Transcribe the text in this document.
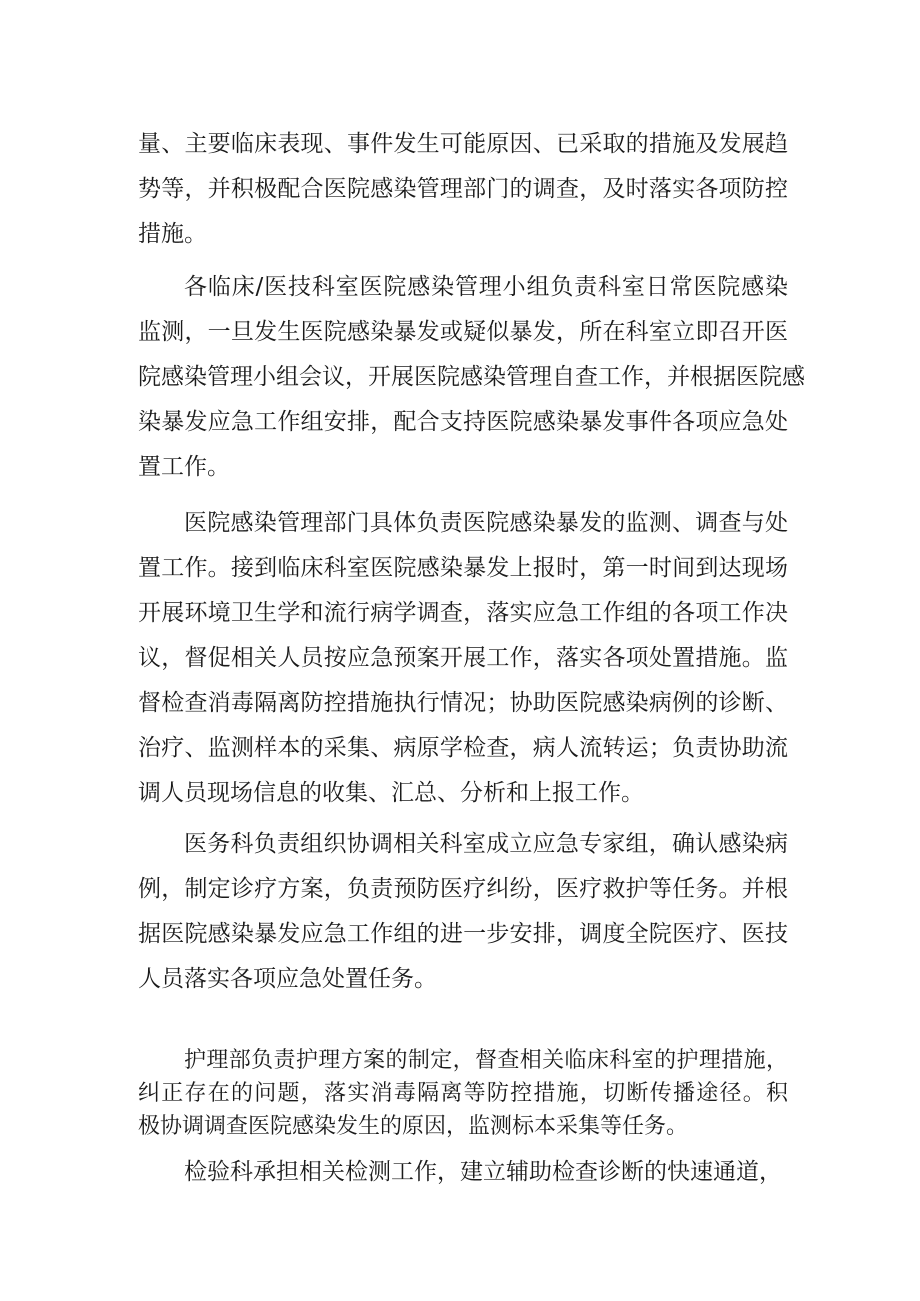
量、主要临床表现、事件发生可能原因、已采取的措施及发展趋
势等，并积极配合医院感染管理部门的调查，及时落实各项防控
措施。
各临床/医技科室医院感染管理小组负责科室日常医院感染
监测，一旦发生医院感染暴发或疑似暴发，所在科室立即召开医
院感染管理小组会议，开展医院感染管理自查工作，并根据医院感
染暴发应急工作组安排，配合支持医院感染暴发事件各项应急处
置工作。
医院感染管理部门具体负责医院感染暴发的监测、调查与处
置工作。接到临床科室医院感染暴发上报时，第一时间到达现场
开展环境卫生学和流行病学调查，落实应急工作组的各项工作决
议，督促相关人员按应急预案开展工作，落实各项处置措施。监
督检查消毒隔离防控措施执行情况；协助医院感染病例的诊断、
治疗、监测样本的采集、病原学检查，病人流转运；负责协助流
调人员现场信息的收集、汇总、分析和上报工作。
医务科负责组织协调相关科室成立应急专家组，确认感染病
例，制定诊疗方案，负责预防医疗纠纷，医疗救护等任务。并根
据医院感染暴发应急工作组的进一步安排，调度全院医疗、医技
人员落实各项应急处置任务。
护理部负责护理方案的制定，督查相关临床科室的护理措施，
纠正存在的问题，落实消毒隔离等防控措施，切断传播途径。积
极协调调查医院感染发生的原因，监测标本采集等任务。
检验科承担相关检测工作，建立辅助检查诊断的快速通道，
